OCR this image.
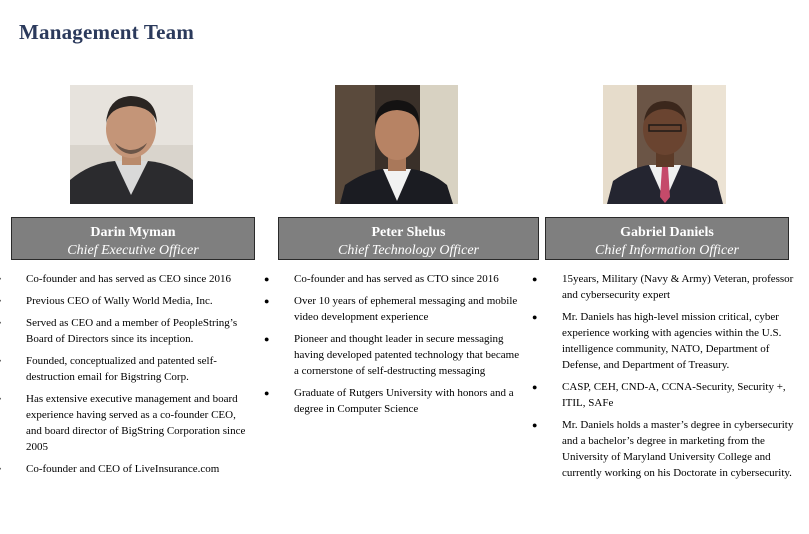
Management Team
Darin Myman
Chief Executive Officer
Peter Shelus
Chief Technology Officer
Gabriel Daniels
Chief Information Officer
Co-founder and has served as CEO since 2016
Previous CEO of Wally World Media, Inc.
Served as CEO and a member of PeopleString’s Board of Directors since its inception.
Founded, conceptualized and patented self-destruction email for Bigstring Corp.
Has extensive executive management and board experience having served as a co-founder CEO, and board director of BigString Corporation since 2005
Co-founder and CEO of LiveInsurance.com
● Co-founder and has served as CTO since 2016
● Over 10 years of ephemeral messaging and mobile video development experience
● Pioneer and thought leader in secure messaging having developed patented technology that became a cornerstone of self-destructing messaging
● Graduate of Rutgers University with honors and a degree in Computer Science
● 15years, Military (Navy & Army) Veteran, professor and cybersecurity expert
● Mr. Daniels has high-level mission critical, cyber experience working with agencies within the U.S. intelligence community, NATO, Department of Defense, and Department of Treasury.
● CASP, CEH, CND-A, CCNA-Security, Security +, ITIL, SAFe
● Mr. Daniels holds a master’s degree in cybersecurity and a bachelor’s degree in marketing from the University of Maryland University College and currently working on his Doctorate in cybersecurity.
